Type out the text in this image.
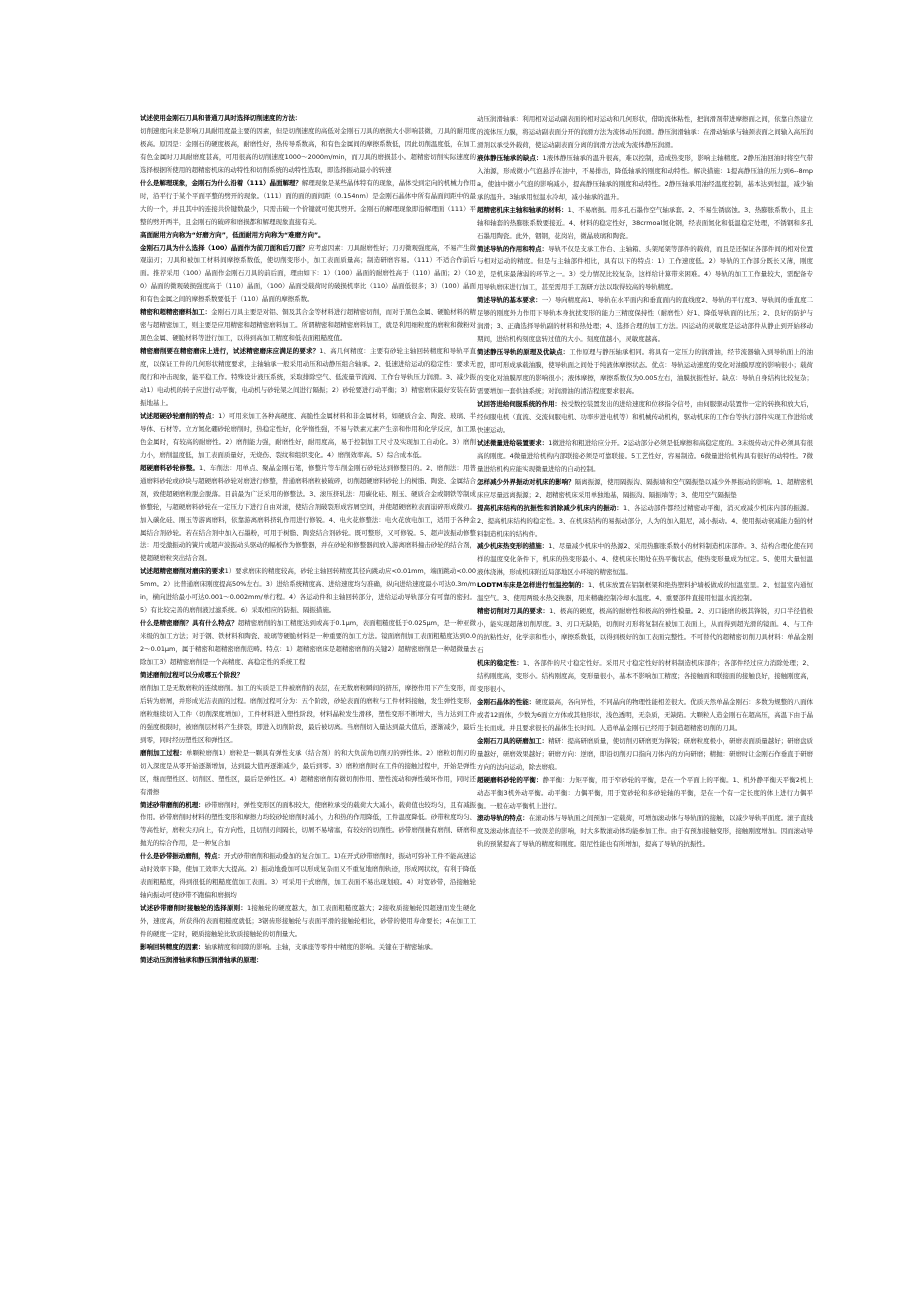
试述使用金刚石刀具和普通刀具时选择切削速度的方法：

切削速度向来是影响刀具耐用度最主要的因素，但是切削速度的高低对金刚石刀具的磨损大小影响甚微，刀具的耐用度极高。原因是：金刚石的硬度极高，耐磨性好，热传导系数高，和有色金属间的摩擦系数低，因此切削温度低，在加工有色金属时刀具耐磨度甚高，可用很高的切削速度1000～2000m/min，而刀具的磨损甚小。超精密切削实际速度的选择根据所使用的超精密机床的动特性和切削系统的动特性选取，即选择振动最小的转速

什么是解理现象，金刚石为什么沿着（111）晶面解理？解理现象是某些晶体特有的现象，晶体受到定向的机械力作用时，沿平行于某个平面平整的劈开的现象。（111）面的面的面间距（0.154nm）是金刚石晶体中所有晶面间距中的最大的一个，并且其中的连接共价键数最少，只需击破一个价键就可使其劈开。金刚石的解理现象即沿解理面（111）平整的劈开两半，且金刚石的破碎和磨损都和解理现象直接有关。

高面耐用方向称为“好磨方向”，低面耐用方向称为“难磨方向”。

金刚石刀具为什么选择（100）晶面作为前刀面和后刀面？应考虑因素：刀具耐磨性好；刀刃微观强度高，不易产生微观崩刃；刀具和被加工材料间摩擦系数低，使切削变形小，加工表面质量高；制造研磨容易。（111）不适合作前后面。推荐采用（100）晶面作金刚石刀具的前后面，理由如下：1）（100）晶面的耐磨性高于（110）晶面；2）（100）晶面的微观破损强度高于（110）晶面，（100）晶面受载荷时的破损机率比（110）晶面低很多；3）（100）晶面和有色金属之间的摩擦系数要低于（110）晶面的摩擦系数。

精密和超精密磨料加工：金刚石刀具主要是对铝、铜及其合金等材料进行超精密切削，而对于黑色金属、硬脆材料的精密与超精密加工，则主要是应用精密和超精密磨料加工。所谓精密和超精密磨料加工，就是利用细粒度的磨粒和微粉对黑色金属、硬脆材料等进行加工，以得到高加工精度和低表面粗糙度值。

精密磨削要在精密磨床上进行，试述精密磨床应满足的要求？1、高几何精度：主要有砂轮主轴回转精度和导轨平直度，以保证工件的几何形状精度要求，主轴轴承一般采用动压和动静压组合轴承。2、低速进给运动的稳定性：要求无爬行和冲击现象，能平稳工作。特殊设计液压系统，采取排除空气、低流量节流阀、工作台导轨压力润滑。3、减少振动1）电动机的转子应进行动平衡，电动机与砂轮架之间进行隔振；2）砂轮要进行动平衡；3）精密磨床最好安装在防振地基上。

试述超硬砂轮磨削的特点：1）可用来加工各种高硬度、高脆性金属材料和非金属材料，如硬质合金、陶瓷、玻璃、半导体、石材等。立方氮化硼砂轮磨削时，热稳定性好，化学惰性强，不易与铁素元素产生亲和作用和化学反应，加工黑色金属时，有较高的耐磨性。2）磨削能力强，耐磨性好，耐用度高，易于控制加工尺寸及实现加工自动化。3）磨削力小，磨削温度低，加工表面质量好，无烧伤、裂纹和组织变化。4）磨削效率高。5）综合成本低。

超硬磨料砂轮修整。1、车削法：用单点、聚晶金刚石笔，修整片等车削金刚石砂轮达到修整目的。2、磨削法：用普通磨料砂轮或砂块与超硬磨料砂轮对磨进行修整，普通磨料磨粒被破碎，切削超硬磨料砂轮上的树脂、陶瓷、金属结合剂，致使超硬磨粒脱会脱落。目前最为广泛采用的修整法。3、滚压挤轧法：用碳化硅、刚玉、硬质合金或钢铁等制成修整轮，与超硬磨料砂轮在一定压力下进行自由对滚，使结合剂破裂形成容屑空间，并使超硬磨粒表面崩碎形成微刃。加入碳化硅、刚玉等游离磨料，依靠游离磨料挤轧作用进行修锐。4、电火花修整法：电火花放电加工，适用于各种金属结合剂砂轮。若在结合剂中加入石墨粉，可用于树脂、陶瓷结合剂砂轮。既可整形，又可修锐。5、超声波振动修整法：用受激振动的簧片或超声波振动头驱动的幅板作为修整器，并在砂轮和修整器间放入游离磨料撞击砂轮的结合剂，使超硬磨粒突出结合剂。

试述超精密磨削对磨床的要求1）要求磨床的精度较高，砂轮主轴回转精度其径向跳动应<0.01mm，端面跳动<0.005mm。2）比普通磨床刚度提高50%左右。3）进给系统精度高、进给速度均匀准确，纵向进给速度最小可达0.3m/min，横向进给最小可达0.001～0.002mm/单行程。4）各运动件和主轴回转部分，进给运动导轨部分有可靠的密封。5）有比较完善的磨削液过滤系统。6）采取相应的防振、隔振措施。

什么是精密磨削？具有什么特点？超精密磨削的加工精度达到或高于0.1μm，表面粗糙度低于0.025μm，是一种亚微米级的加工方法；对于钢、铁材料和陶瓷、玻璃等硬脆材料是一种重要的加工方法。镜面磨削加工表面粗糙度达到0.02～0.01μm，属于精密和超精密磨削范畴。特点：1）超精密磨床是超精密磨削的关键2）超精密磨削是一种超微量去除加工3）超精密磨削是一个高精度、高稳定性的系统工程

简述磨削过程可以分成哪五个阶段？

磨削加工是无数磨粒的连续磨削。加工的实质是工件被磨削的表层，在无数磨粒瞬间的挤压，摩擦作用下产生变形，而后转为磨屑，并形成光洁表面的过程。磨削过程可分为：五个阶段，砂轮表面的磨粒与工件材料接触，发生弹性变形，磨粒继续切入工件（切削深度增加），工件材料进入塑性阶段，材料晶粒发生滑移，塑性变形不断增大，当力达到工件的强度极限时，被磨削层材料产生挤裂，即进入切削阶段，最后被切离。当磨削切入量达到最大值后，逐渐减少，最后到零，同时经历塑性区和弹性区。

磨削加工过程：单颗粒磨削1）磨粒是一颗具有弹性支承（结合剂）的和大负前角切削刃的弹性体。2）磨粒切削刃的切入深度是从零开始逐渐增加，达到最大值再逐渐减少，最后到零。3）磨粒磨削时在工件的接触过程中，开始是弹性区，继而塑性区、切削区、塑性区，最后是弹性区。4）超精密磨削有微切削作用、塑性流动和弹性破坏作用，同时还有滑擦

简述砂带磨削的机理：砂带磨削时，弹性变形区的面积较大，使磨粒承受的载荷大大减小，载荷值也较均匀，且有减振作用。砂带磨削时材料的塑性变形和摩擦力均较砂轮磨削时减小，力和热的作用降低，工件温度降低。砂带粒度均匀、等高性好，磨粒尖刃向上，有方向性，且切削刃间隔长，切屑不易堵塞，有较好的切削性。砂带磨削兼有磨削、研磨和抛光的综合作用，是一种复合加

什么是砂带振动磨削，特点：开式砂带磨削和振动叠加的复合加工。1)在开式砂带磨削时，振动可弥补工件不能高速运动时效率下降，使加工效率大大提高。2）振动地叠加可以形成复杂而又不重复地磨削轨迹，形成网状纹，有利于降低表面粗糙度，得到很低的粗糙度值加工表面。3）可采用干式磨削，加工表面不易出现划痕。4）对宽砂带，沿接触轮轴向振动可使砂带不跑偏和磨损均

试述砂带磨削时接触轮的选择原则：1接触轮的硬度越大，加工表面粗糙度越大；2接收质接触轮因超速而发生硬化外，速度高，所获得的表面粗糙度就低；3锯齿形接触轮与表面平滑的接触轮相比，砂带的使用寿命要长；4在加工工件的硬度一定时，硬质接触轮比软质接触轮的切削量大。

影响回转精度的因素：轴承精度和间隙的影响。主轴，支承座等零件中精度的影响。关键在于精密轴承。

简述动压润滑轴承和静压润滑轴承的原理：

动压润滑轴承：利用相对运动副表面的相对运动和几何形状，借助流体粘性，把润滑剂带进摩擦面之间，依靠自然建立的流体压力膜，将运动副表面分开的润滑方法为流体动压润滑。静压润滑轴承：在滑动轴承与轴颈表面之间输入高压润滑剂以承受外载荷，使运动副表面分离的润滑方法成为流体静压润滑。

液体静压轴承的缺点：1液体静压轴承的温升很高，难以控制，造成热变形，影响主轴精度。2静压油回油时将空气带入油源，形成微小气泡悬浮在油中，不易排出，降低轴承的刚度和动特性。解决措施：1提高静压油的压力到6--8mpa，使油中微小气泡的影响减小，提高静压轴承的刚度和动特性。2静压轴承用油经温度控制，基本达到恒温，减少轴承的温升。3轴承用恒温水冷却，减小轴承的温升。

超精密机床主轴和轴承的材料：1、不易磨损。用多孔石墨作空气轴承套。2、不易生锈腐蚀。3、热膨胀系数小，且主轴和轴套的热膨胀系数要接近。4、材料的稳定性好，38crmoal氮化钢，经表面氮化和低温稳定处理，不锈钢和多孔石墨用陶瓷。此外，铟钢，花岗岩，微晶玻璃和陶瓷。

简述导轨的作用和特点：导轨不仅是支承工作台、主轴箱、头架尾架等部件的载荷，而且是还保证各部件间的相对位置与相对运动的精度。但是与主轴部件相比，具有以下的特点：1）工作速度低。2）导轨的工作部分既长又薄，刚度差，是机床最薄弱的环节之一。3）受力情况比较复杂，这样给计算带来困难。4）导轨的加工工作量较大，需配备专用导轨磨床进行加工，甚至需用手工刮研方法以取得较高的导轨精度。

简述导轨的基本要求：一）导向精度高1、导轨在水平面内和垂直面内的直线度2、导轨的平行度3、导轨间的垂直度二足够的刚度外力作用下导轨本身抗扰变形的能力三精度保持性（耐磨性）好1、降低导轨面的比压；2、良好的防护与润滑；3、正确选择导轨副的材料和热处理；4、选择合理的加工方法。四运动的灵敏度是运动部件从静止到开始移动期间，进给机构刻度盘转过值的大小。刻度值越小，灵敏度越高。

简述静压导轨的原理及优缺点：工作原理与静压轴承相同。将具有一定压力的润滑油，经节流器输入到导轨面上的油腔，即可形成承载油膜，使导轨面之间处于纯液体摩擦状态。优点：导轨运动速度的变化对油膜厚度的影响很小；载荷的变化对油膜厚度的影响很小；液体摩擦，摩擦系数仅为0.005左右，油膜抗振性好。缺点：导轨自身结构比较复杂；需要增加一套供油系统；对润滑油的清洁程度要求很高。

试回答进给伺服系统的作用：按受数控装置发出的进给速度和位移指令信号，由伺服驱动装置作一定的转换和放大后，经伺服电机（直流、交流伺服电机、功率步进电机等）和机械传动机构，驱动机床的工作台等执行部件实现工作进给或快速运动。

试述微量进给装置要求：1微进给和粗进给应分开。2运动部分必须是低摩擦和高稳定度的。3末级传动元件必须具有很高的刚度。4微量进给机构内部联接必须是可靠联接。5工艺性好，容易制造。6微量进给机构具有很好的动特性。7微量进给机构应能实现微量进给的自动控制。

怎样减少外界振动对机床的影响？隔离振源，使用隔振沟、隔振墙和空气隔振垫以减少外界振动的影响。1、超精密机床应尽量远离振源；2、超精密机床采用单独地基，隔振沟、隔振墙等；3、使用空气隔振垫

提高机床结构的抗振性和消除减少机床内的振动：1、各运动部件都经过精密动平衡，消灭或减少机床内部的振源。2、提高机床结构的稳定性。3、在机床结构的易振动部分，人为的加入阻尼，减小振动。4、使用振动衰减能力强的材料制造机床的结构件。

减少机床热变形的措施：1、尽量减少机床中的热源2、采用热膨胀系数小的材料制造机床部件。3、结构合理化使在同样的温度变化条件下，机床的热变形最小。4、使机床长期处在热平衡状态，使热变形量成为恒定。5、使用大量恒温液体浇淋，形成机床附近局部地区小环境的精密恒温。

LODTM车床是怎样进行恒温控制的：1、机床放置在铝制框架和绝热塑料护墙板做成的恒温室里。2、恒温室内通恒温空气。3、使用两级水热交换器，用来精确控制冷却水温度。4、重要部件直接用恒温水流控制。

精密切削对刀具的要求：1、极高的硬度，极高的耐磨性和极高的弹性模量。2、刃口能磨的极其锋锐，刃口半径值极小，能实现超薄切削厚度。3、刃口无缺陷，切削时刃形将复制在被加工表面上，从而得到超光滑的镜面。4、与工件的抗粘性好，化学亲和性小，摩擦系数低，以得到极好的加工表面完整性。不可替代的超精密切削刀具材料：单晶金刚石

机床的稳定性：1、各部件的尺寸稳定性好。采用尺寸稳定性好的材料制造机床部件；各部件经过应力消除处理；2、结构刚度高，变形小。结构刚度高，变形量很小，基本不影响加工精度；各接触面和联接面的接触良好，接触刚度高，变形很小。

金刚石晶体的性能：硬度最高，各向异性，不同晶向的物理性能相差很大。优质天然单晶金刚石：多数为规整的八面体或者12面体，少数为6面立方体或其他形状，浅色透明，无杂质，无缺陷。大颗粒人造金刚石在超高压，高温下由于晶生长而成。并且要求很长的晶体生长时间。人造单晶金刚石已经用于制造超精密切削的刀具。

金刚石刀具的研磨加工：精研：提高研磨质量，使切削刃研磨更为锋锐；研磨粒度极小，研磨表面质量越好；研磨盘质量越好，研磨效果越好；研磨方向：逆磨，即沿切削刃口指向刀体内的方向研磨；精抛：研磨时让金刚石作垂直于研磨方向的法向运动，除去磨痕。

超硬磨料砂轮的平衡：静平衡：力矩平衡，用于窄砂轮的平衡，是在一个平面上的平衡。1、机外静平衡天平衡2机上动态平衡3机外动平衡。动平衡：力偶平衡，用于宽砂轮和多砂轮轴的平衡，是在一个有一定长度的体上进行力偶平衡。一般在动平衡机上进行。

滚动导轨的特点：在滚动体与导轨面之间预加一定载荷，可增加滚动体与导轨面的接触，以减少导轨平面度。滚子直线度及滚动体直径不一致误差的影响，时大多数滚动体均能参加工作。由于有预加接触变形，接触刚度增加。因而滚动导轨的预紧提高了导轨的精度和刚度。阻尼性能也有所增加，提高了导轨的抗振性。
